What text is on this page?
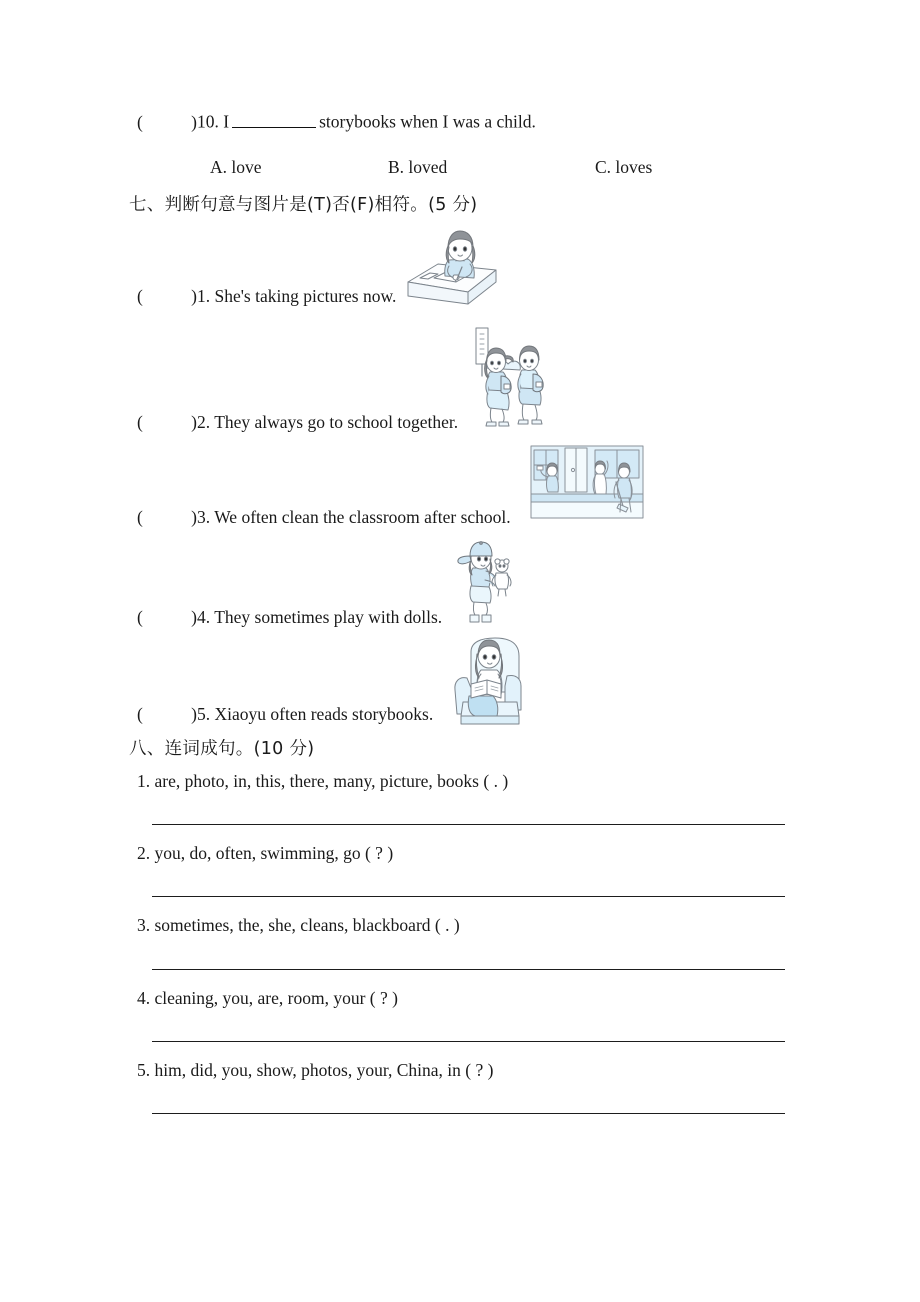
(	) 10. I	storybooks when I was a child.
A. love	B. loved	C. loves
七、判断句意与图片是(T)否(F)相符。(5 分)
(	) 1. She's taking pictures now.
(	) 2. They always go to school together.
(	) 3. We often clean the classroom after school.
(	) 4. They sometimes play with dolls.
(	) 5. Xiaoyu often reads storybooks.
八、连词成句。(10 分)
1. are, photo, in, this, there, many, picture, books ( . )
2. you, do, often, swimming, go ( ? )
3. sometimes, the, she, cleans, blackboard ( . )
4. cleaning, you, are, room, your ( ? )
5. him, did, you, show, photos, your, China, in ( ? )
